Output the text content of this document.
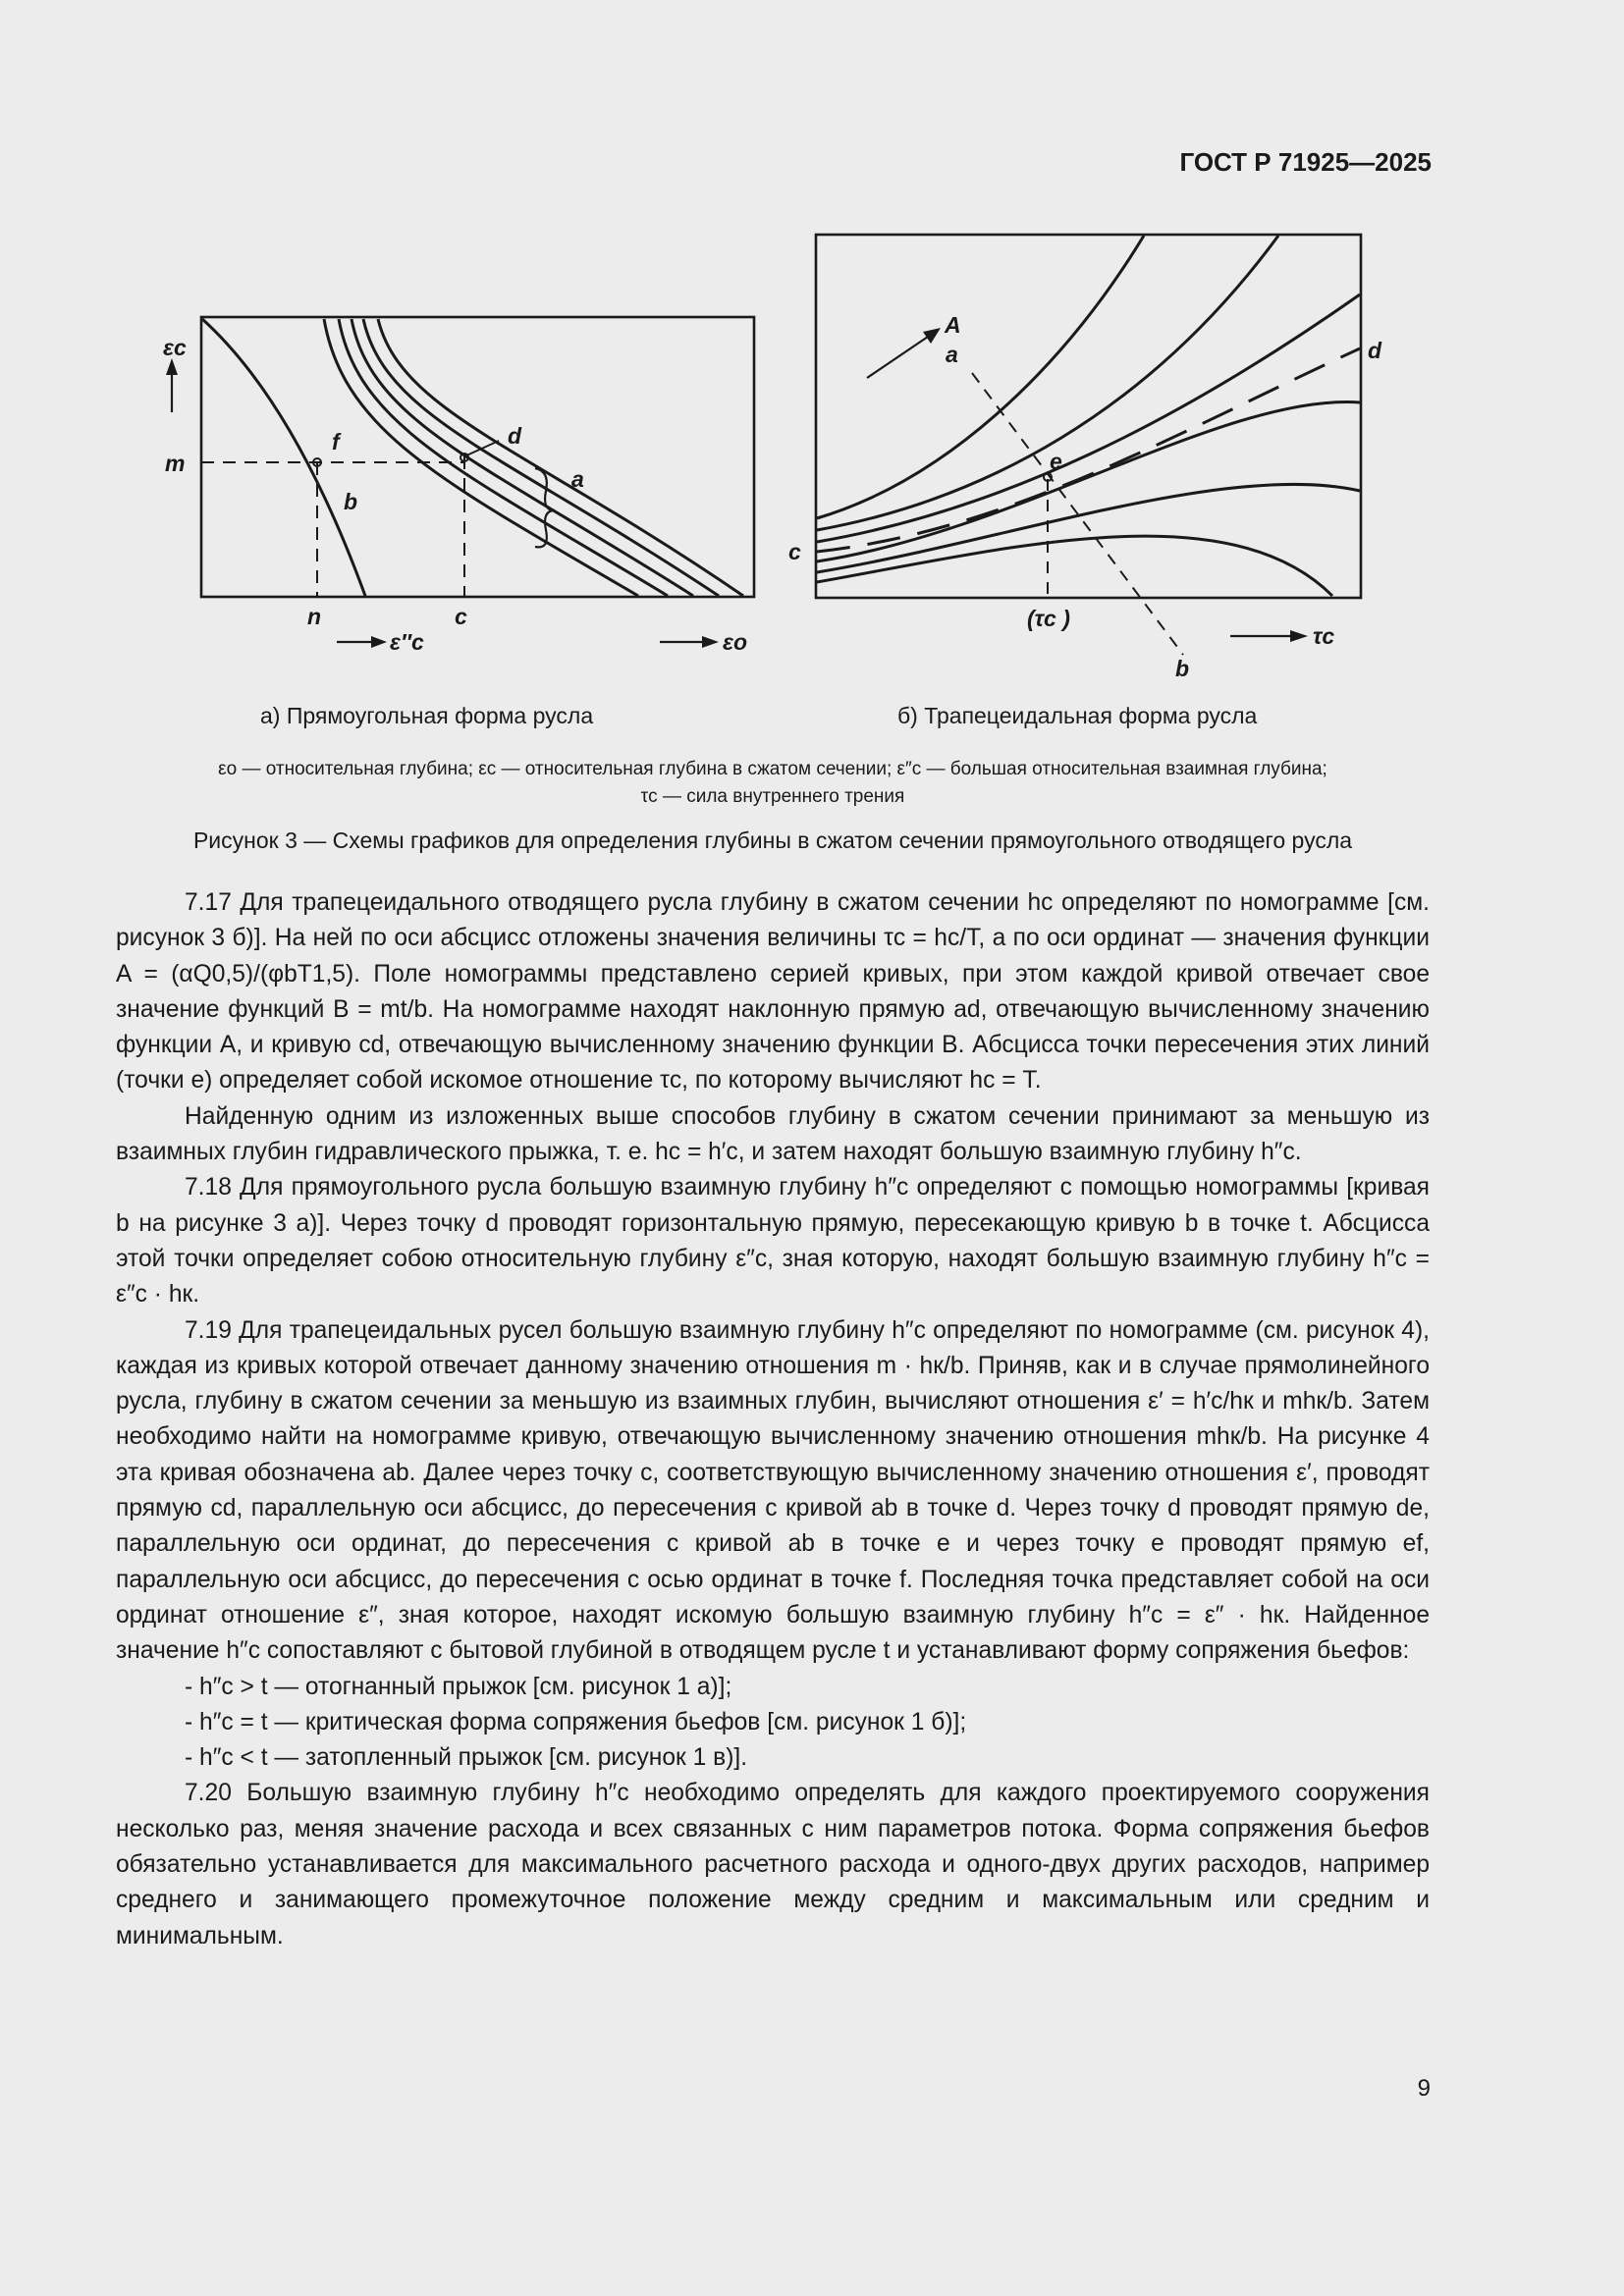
ГОСТ Р 71925—2025
εc
m
f
b
d
a
n	c
ε″c	εo
A
a	d
e
c
(τc )
b
τc
а) Прямоугольная форма русла	б) Трапецеидальная форма русла
εo — относительная глубина; εc — относительная глубина в сжатом сечении; ε″c — большая относительная взаимная глубина;
τc — сила внутреннего трения
Рисунок 3 — Схемы графиков для определения глубины в сжатом сечении прямоугольного отводящего русла

7.17 Для трапецеидального отводящего русла глубину в сжатом сечении hс определяют по номограмме [см. рисунок 3 б)]. На ней по оси абсцисс отложены значения величины τс = hс/T, а по оси ординат — значения функции A = (αQ0,5)/(φbT1,5). Поле номограммы представлено серией кривых, при этом каждой кривой отвечает свое значение функций B = mt/b. На номограмме находят наклонную прямую ad, отвечающую вычисленному значению функции A, и кривую cd, отвечающую вычисленному значению функции B. Абсцисса точки пересечения этих линий (точки e) определяет собой искомое отношение τс, по которому вычисляют hс = T.

Найденную одним из изложенных выше способов глубину в сжатом сечении принимают за меньшую из взаимных глубин гидравлического прыжка, т. е. hс = h′с, и затем находят большую взаимную глубину h″с.

7.18 Для прямоугольного русла большую взаимную глубину h″с определяют с помощью номограммы [кривая b на рисунке 3 а)]. Через точку d проводят горизонтальную прямую, пересекающую кривую b в точке t. Абсцисса этой точки определяет собою относительную глубину ε″с, зная которую, находят большую взаимную глубину h″с = ε″с · hк.

7.19 Для трапецеидальных русел большую взаимную глубину h″с определяют по номограмме (см. рисунок 4), каждая из кривых которой отвечает данному значению отношения m · hк/b. Приняв, как и в случае прямолинейного русла, глубину в сжатом сечении за меньшую из взаимных глубин, вычисляют отношения ε′ = h′с/hк и mhк/b. Затем необходимо найти на номограмме кривую, отвечающую вычисленному значению отношения mhк/b. На рисунке 4 эта кривая обозначена ab. Далее через точку c, соответствующую вычисленному значению отношения ε′, проводят прямую cd, параллельную оси абсцисс, до пересечения с кривой ab в точке d. Через точку d проводят прямую de, параллельную оси ординат, до пересечения с кривой ab в точке e и через точку e проводят прямую ef, параллельную оси абсцисс, до пересечения с осью ординат в точке f. Последняя точка представляет собой на оси ординат отношение ε″, зная которое, находят искомую большую взаимную глубину h″с = ε″ · hк. Найденное значение h″с сопоставляют с бытовой глубиной в отводящем русле t и устанавливают форму сопряжения бьефов:

- h″с > t — отогнанный прыжок [см. рисунок 1 а)];

- h″с = t — критическая форма сопряжения бьефов [см. рисунок 1 б)];

- h″с < t — затопленный прыжок [см. рисунок 1 в)].

7.20 Большую взаимную глубину h″с необходимо определять для каждого проектируемого сооружения несколько раз, меняя значение расхода и всех связанных с ним параметров потока. Форма сопряжения бьефов обязательно устанавливается для максимального расчетного расхода и одного-двух других расходов, например среднего и занимающего промежуточное положение между средним и максимальным или средним и минимальным.

9
